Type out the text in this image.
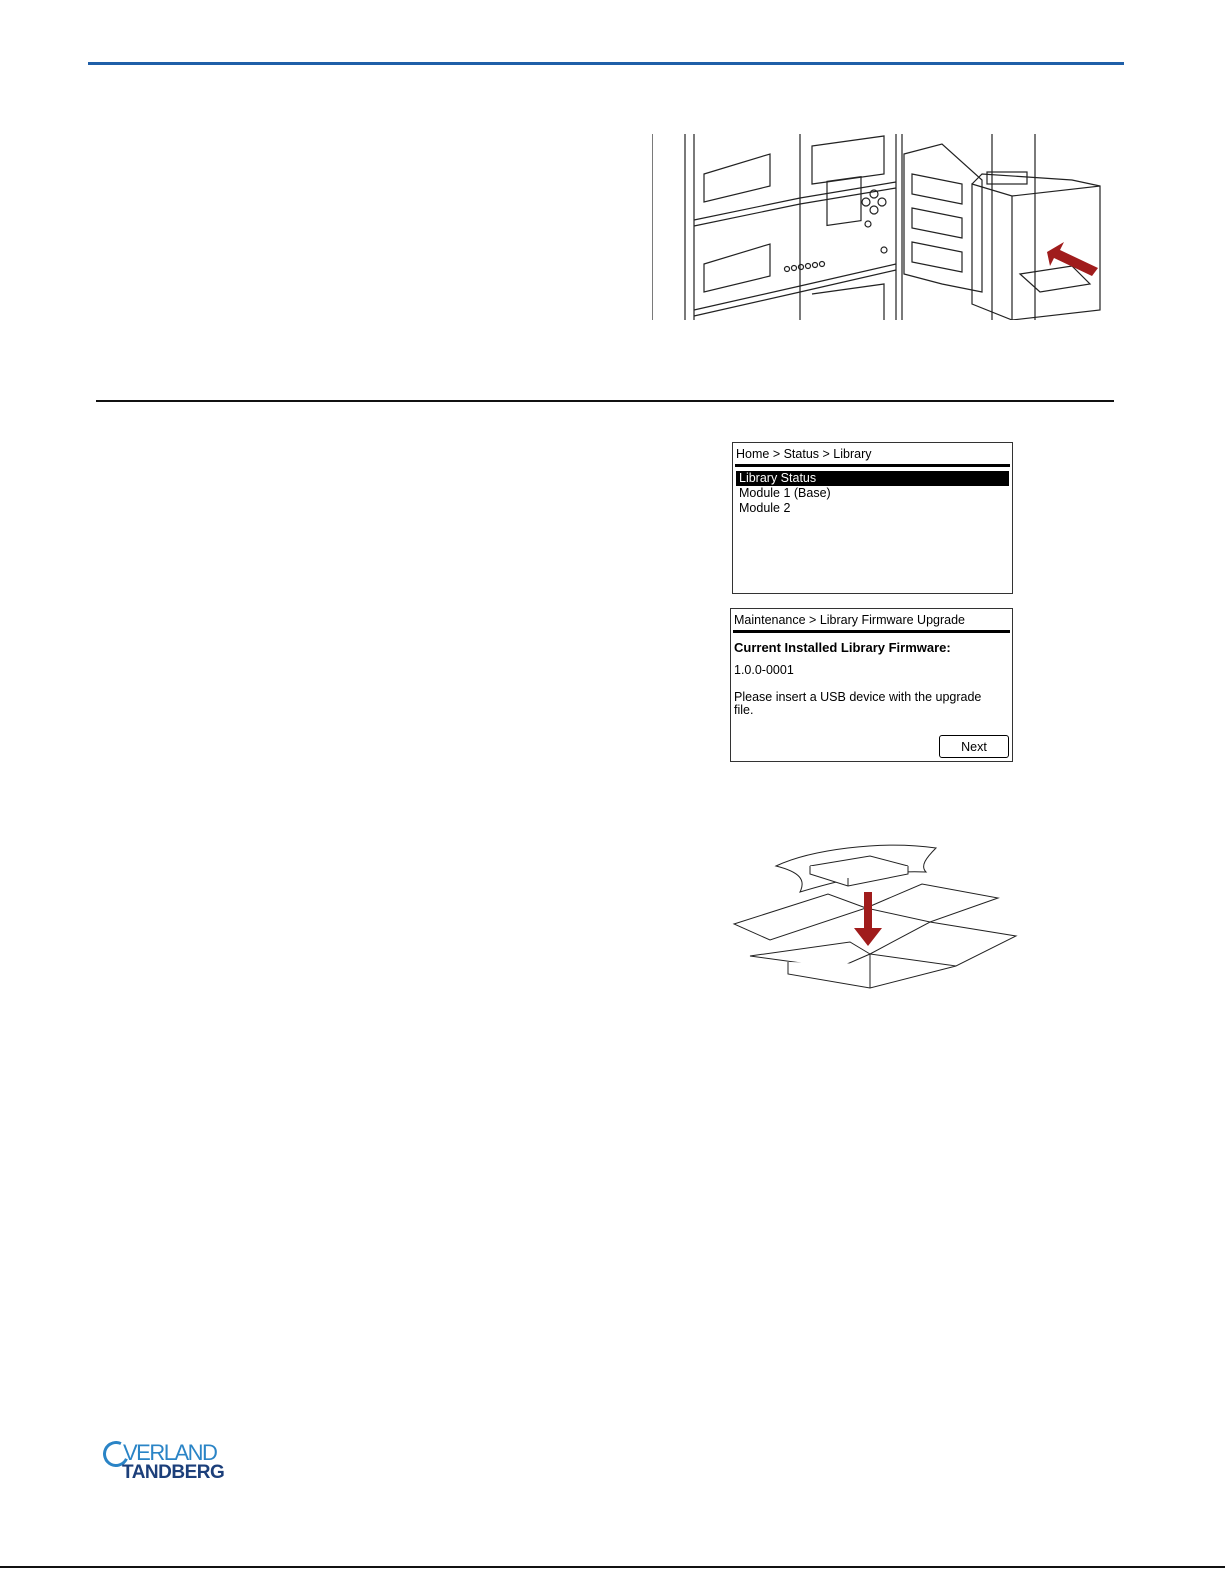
Home > Status > Library
Library Status
Module 1 (Base)
Module 2
Maintenance > Library Firmware Upgrade
Current Installed Library Firmware:
1.0.0-0001
Please insert a USB device with the upgrade file.
Next
VERLAND
TANDBERG
